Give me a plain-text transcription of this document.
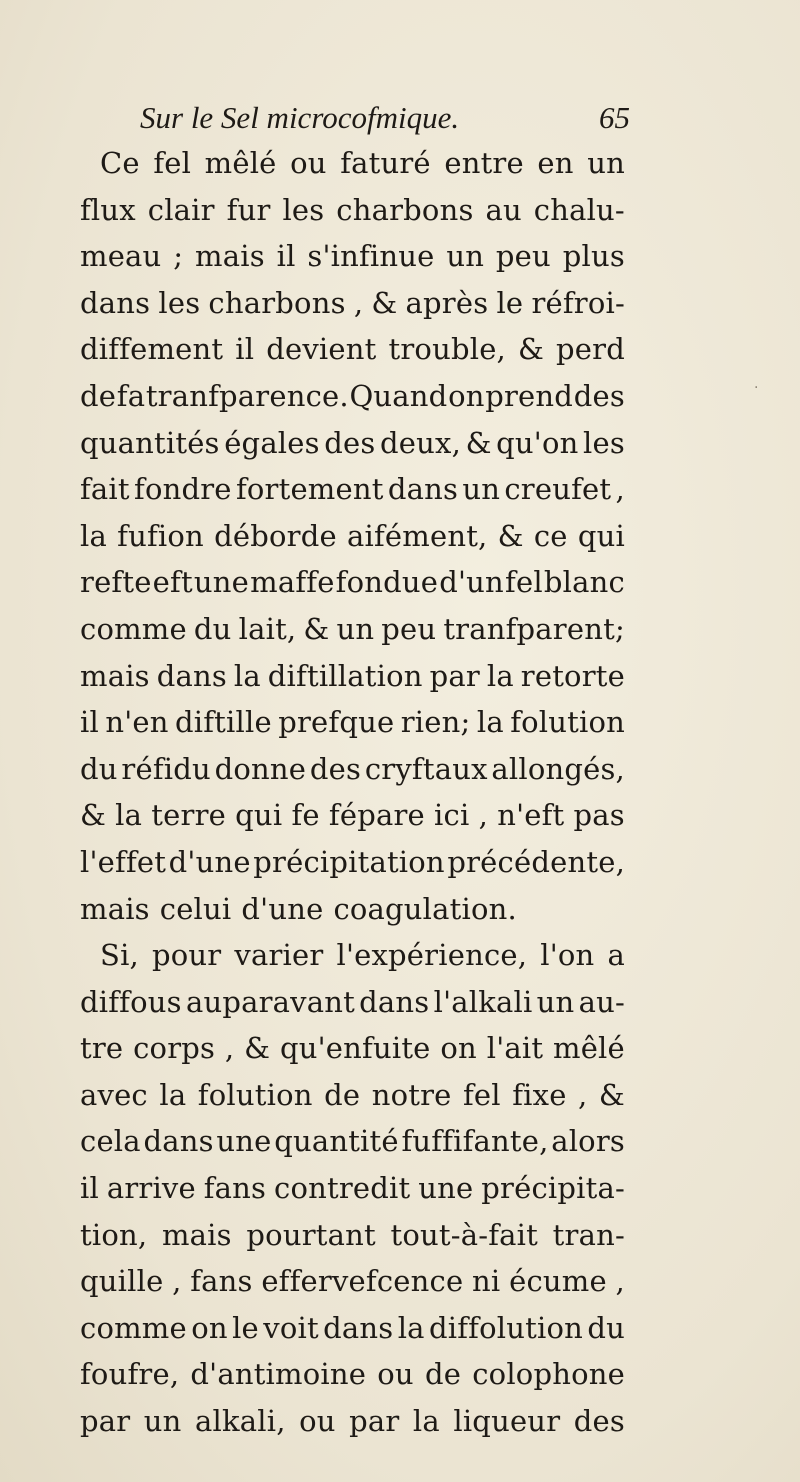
Sur le Sel microcofmique.	65
Ce fel mêlé ou faturé entre en un
flux clair fur les charbons au chalu-
meau ; mais il s'infinue un peu plus
dans les charbons , & après le réfroi-
diffement il devient trouble, & perd
de fa tranfparence. Quand on prend des
quantités égales des deux, & qu'on les
fait fondre fortement dans un creufet ,
la fufion déborde aifément, & ce qui
refte eft une maffe fondue d'un fel blanc
comme du lait, & un peu tranfparent;
mais dans la diftillation par la retorte
il n'en diftille prefque rien; la folution
du réfidu donne des cryftaux allongés,
& la terre qui fe fépare ici , n'eft pas
l'effet d'une précipitation précédente,
mais celui d'une coagulation.
Si, pour varier l'expérience, l'on a
diffous auparavant dans l'alkali un au-
tre corps , & qu'enfuite on l'ait mêlé
avec la folution de notre fel fixe , &
cela dans une quantité fuffifante, alors
il arrive fans contredit une précipita-
tion, mais pourtant tout-à-fait tran-
quille , fans effervefcence ni écume ,
comme on le voit dans la diffolution du
foufre, d'antimoine ou de colophone
par un alkali, ou par la liqueur des
·
